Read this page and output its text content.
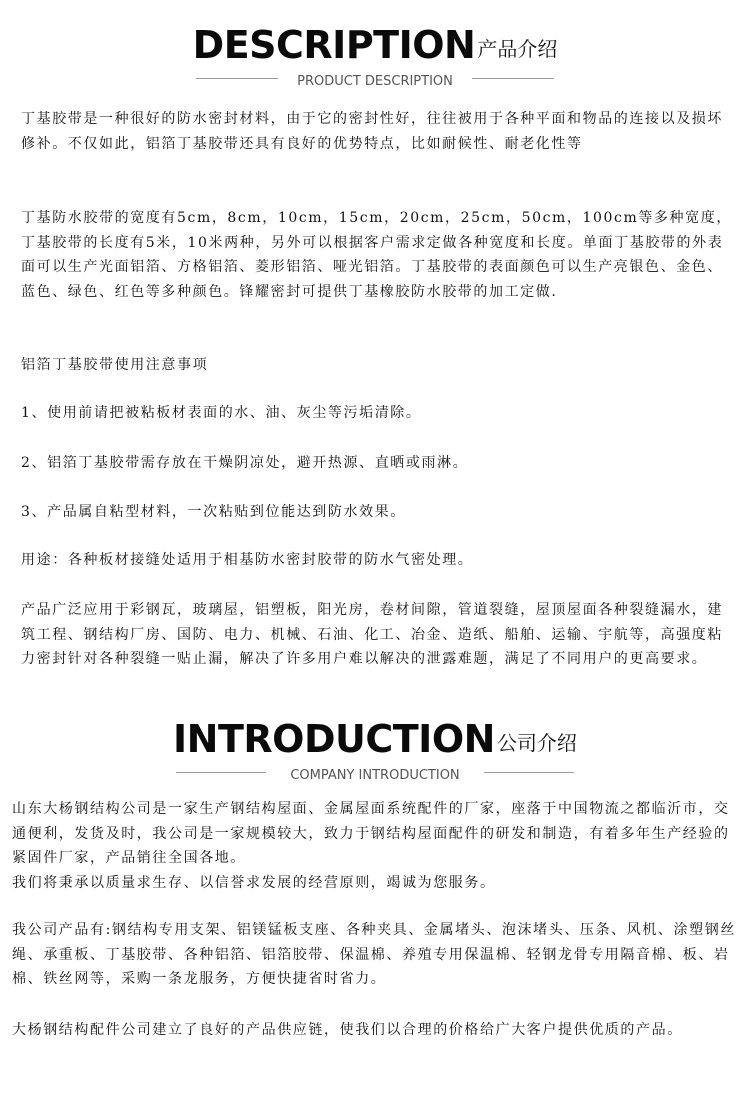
DESCRIPTION 产品介绍
PRODUCT DESCRIPTION

丁基胶带是一种很好的防水密封材料，由于它的密封性好，往往被用于各种平面和物品的连接以及损坏修补。不仅如此，铝箔丁基胶带还具有良好的优势特点，比如耐候性、耐老化性等

丁基防水胶带的宽度有5cm，8cm，10cm，15cm，20cm，25cm，50cm，100cm等多种宽度，丁基胶带的长度有5米，10米两种，另外可以根据客户需求定做各种宽度和长度。单面丁基胶带的外表面可以生产光面铝箔、方格铝箔、菱形铝箔、哑光铝箔。丁基胶带的表面颜色可以生产亮银色、金色、蓝色、绿色、红色等多种颜色。锋耀密封可提供丁基橡胶防水胶带的加工定做.

铝箔丁基胶带使用注意事项

1、使用前请把被粘板材表面的水、油、灰尘等污垢清除。

2、铝箔丁基胶带需存放在干燥阴凉处，避开热源、直晒或雨淋。

3、产品属自粘型材料，一次粘贴到位能达到防水效果。

用途：各种板材接缝处适用于相基防水密封胶带的防水气密处理。

产品广泛应用于彩钢瓦，玻璃屋，铝塑板，阳光房，卷材间隙，管道裂缝，屋顶屋面各种裂缝漏水，建筑工程、钢结构厂房、国防、电力、机械、石油、化工、冶金、造纸、船舶、运输、宇航等，高强度粘力密封针对各种裂缝一贴止漏，解决了许多用户难以解决的泄露难题，满足了不同用户的更高要求。

INTRODUCTION 公司介绍
COMPANY INTRODUCTION

山东大杨钢结构公司是一家生产钢结构屋面、金属屋面系统配件的厂家，座落于中国物流之都临沂市，交通便利，发货及时，我公司是一家规模较大，致力于钢结构屋面配件的研发和制造，有着多年生产经验的紧固件厂家，产品销往全国各地。

我们将秉承以质量求生存、以信誉求发展的经营原则，竭诚为您服务。

我公司产品有:钢结构专用支架、铝镁锰板支座、各种夹具、金属堵头、泡沫堵头、压条、风机、涂塑钢丝绳、承重板、丁基胶带、各种铝箔、铝箔胶带、保温棉、养殖专用保温棉、轻钢龙骨专用隔音棉、板、岩棉、铁丝网等，采购一条龙服务，方便快捷省时省力。

大杨钢结构配件公司建立了良好的产品供应链，使我们以合理的价格给广大客户提供优质的产品。
